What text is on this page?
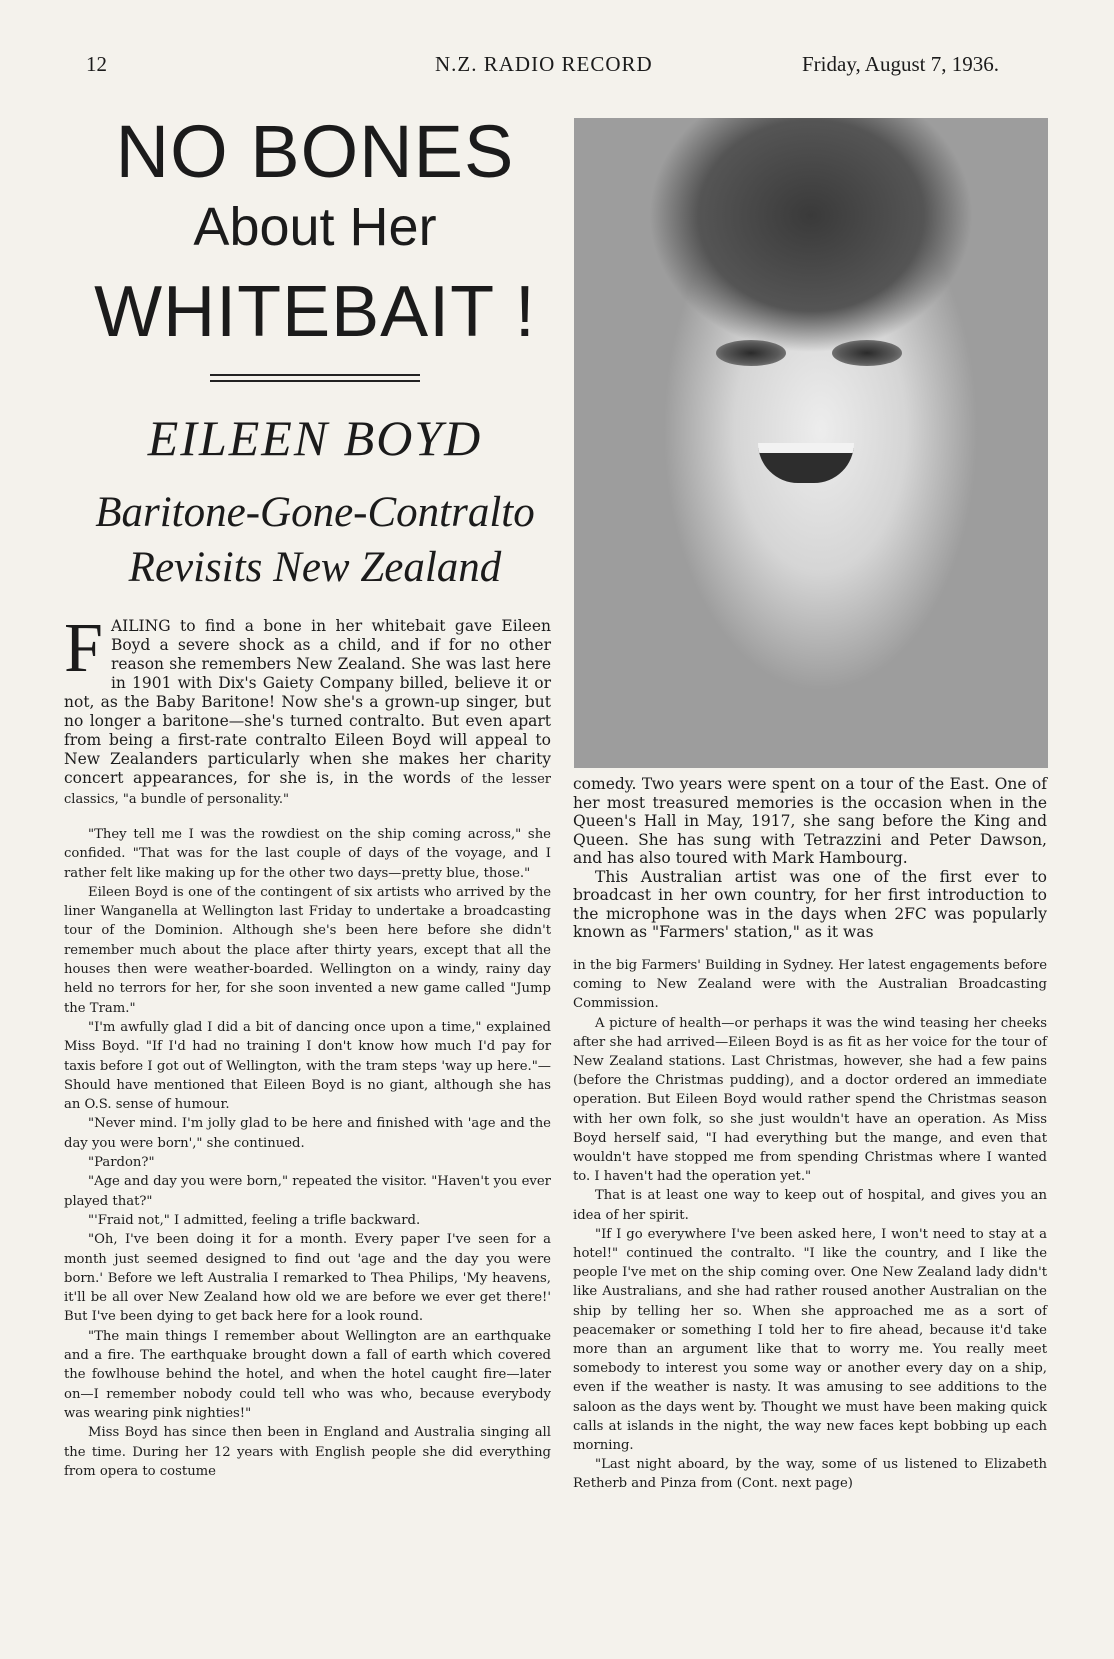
12	N.Z. RADIO RECORD	Friday, August 7, 1936.
NO BONES
About Her
WHITEBAIT !
EILEEN BOYD
Baritone-Gone-Contralto
Revisits New Zealand

F AILING to find a bone in her whitebait gave Eileen Boyd a severe shock as a child, and if for no other reason she remembers New Zealand. She was last here in 1901 with Dix's Gaiety Company billed, believe it or not, as the Baby Baritone! Now she's a grown-up singer, but no longer a baritone—she's turned contralto. But even apart from being a first-rate contralto Eileen Boyd will appeal to New Zealanders particularly when she makes her charity concert appearances, for she is, in the words of the lesser classics, "a bundle of personality."

"They tell me I was the rowdiest on the ship coming across," she confided. "That was for the last couple of days of the voyage, and I rather felt like making up for the other two days—pretty blue, those."

Eileen Boyd is one of the contingent of six artists who arrived by the liner Wanganella at Wellington last Friday to undertake a broadcasting tour of the Dominion. Although she's been here before she didn't remember much about the place after thirty years, except that all the houses then were weather-boarded. Wellington on a windy, rainy day held no terrors for her, for she soon invented a new game called "Jump the Tram."

"I'm awfully glad I did a bit of dancing once upon a time," explained Miss Boyd. "If I'd had no training I don't know how much I'd pay for taxis before I got out of Wellington, with the tram steps 'way up here."—Should have mentioned that Eileen Boyd is no giant, although she has an O.S. sense of humour.

"Never mind. I'm jolly glad to be here and finished with 'age and the day you were born'," she continued.

"Pardon?"

"Age and day you were born," repeated the visitor. "Haven't you ever played that?"

"'Fraid not," I admitted, feeling a trifle backward.

"Oh, I've been doing it for a month. Every paper I've seen for a month just seemed designed to find out 'age and the day you were born.' Before we left Australia I remarked to Thea Philips, 'My heavens, it'll be all over New Zealand how old we are before we ever get there!' But I've been dying to get back here for a look round.

"The main things I remember about Wellington are an earthquake and a fire. The earthquake brought down a fall of earth which covered the fowlhouse behind the hotel, and when the hotel caught fire—later on—I remember nobody could tell who was who, because everybody was wearing pink nighties!"

Miss Boyd has since then been in England and Australia singing all the time. During her 12 years with English people she did everything from opera to costume

comedy. Two years were spent on a tour of the East. One of her most treasured memories is the occasion when in the Queen's Hall in May, 1917, she sang before the King and Queen. She has sung with Tetrazzini and Peter Dawson, and has also toured with Mark Hambourg.

This Australian artist was one of the first ever to broadcast in her own country, for her first introduction to the microphone was in the days when 2FC was popularly known as "Farmers' station," as it was

in the big Farmers' Building in Sydney. Her latest engagements before coming to New Zealand were with the Australian Broadcasting Commission.

A picture of health—or perhaps it was the wind teasing her cheeks after she had arrived—Eileen Boyd is as fit as her voice for the tour of New Zealand stations. Last Christmas, however, she had a few pains (before the Christmas pudding), and a doctor ordered an immediate operation. But Eileen Boyd would rather spend the Christmas season with her own folk, so she just wouldn't have an operation. As Miss Boyd herself said, "I had everything but the mange, and even that wouldn't have stopped me from spending Christmas where I wanted to. I haven't had the operation yet."

That is at least one way to keep out of hospital, and gives you an idea of her spirit.

"If I go everywhere I've been asked here, I won't need to stay at a hotel!" continued the contralto. "I like the country, and I like the people I've met on the ship coming over. One New Zealand lady didn't like Australians, and she had rather roused another Australian on the ship by telling her so. When she approached me as a sort of peacemaker or something I told her to fire ahead, because it'd take more than an argument like that to worry me. You really meet somebody to interest you some way or another every day on a ship, even if the weather is nasty. It was amusing to see additions to the saloon as the days went by. Thought we must have been making quick calls at islands in the night, the way new faces kept bobbing up each morning.

"Last night aboard, by the way, some of us listened to Elizabeth Retherb and Pinza from (Cont. next page)
